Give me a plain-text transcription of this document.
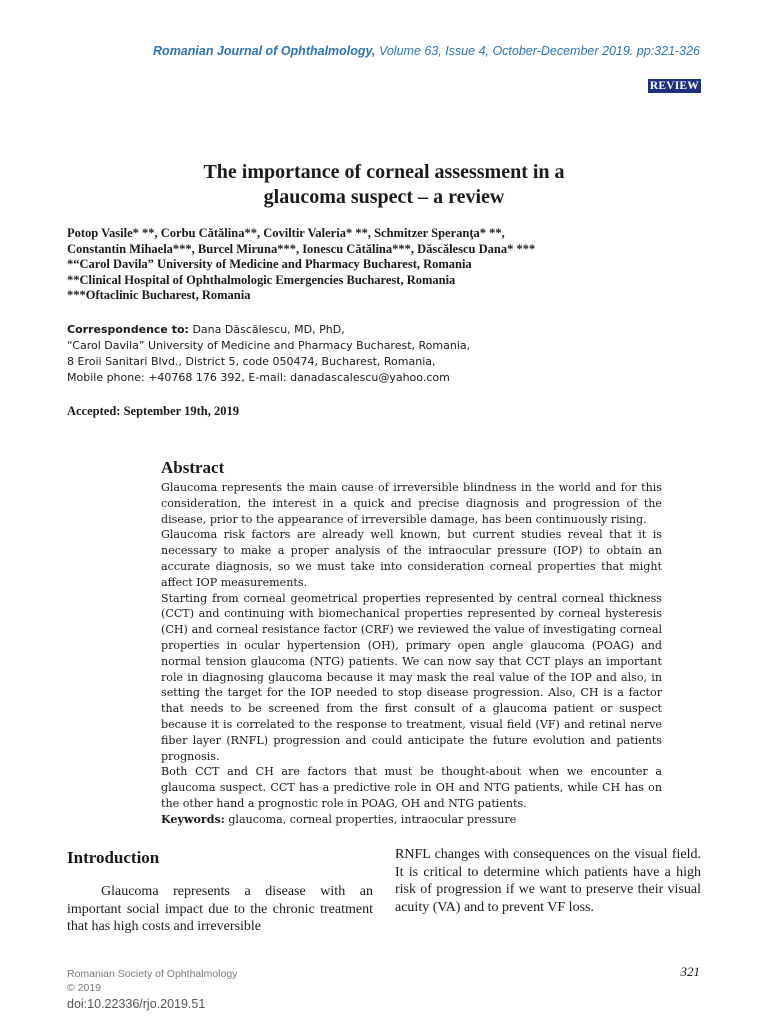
Romanian Journal of Ophthalmology, Volume 63, Issue 4, October-December 2019. pp:321-326
REVIEW
The importance of corneal assessment in a
glaucoma suspect – a review
Potop Vasile* **, Corbu Cătălina**, Coviltir Valeria* **, Schmitzer Speranţa* **,
Constantin Mihaela***, Burcel Miruna***, Ionescu Cătălina***, Dăscălescu Dana* ***
*“Carol Davila” University of Medicine and Pharmacy Bucharest, Romania
**Clinical Hospital of Ophthalmologic Emergencies Bucharest, Romania
***Oftaclinic Bucharest, Romania
Correspondence to: Dana Dăscălescu, MD, PhD,
“Carol Davila” University of Medicine and Pharmacy Bucharest, Romania,
8 Eroii Sanitari Blvd., District 5, code 050474, Bucharest, Romania,
Mobile phone: +40768 176 392, E-mail: danadascalescu@yahoo.com
Accepted: September 19th, 2019
Abstract

Glaucoma represents the main cause of irreversible blindness in the world and for this consideration, the interest in a quick and precise diagnosis and progression of the disease, prior to the appearance of irreversible damage, has been continuously rising.

Glaucoma risk factors are already well known, but current studies reveal that it is necessary to make a proper analysis of the intraocular pressure (IOP) to obtain an accurate diagnosis, so we must take into consideration corneal properties that might affect IOP measurements.

Starting from corneal geometrical properties represented by central corneal thickness (CCT) and continuing with biomechanical properties represented by corneal hysteresis (CH) and corneal resistance factor (CRF) we reviewed the value of investigating corneal properties in ocular hypertension (OH), primary open angle glaucoma (POAG) and normal tension glaucoma (NTG) patients. We can now say that CCT plays an important role in diagnosing glaucoma because it may mask the real value of the IOP and also, in setting the target for the IOP needed to stop disease progression. Also, CH is a factor that needs to be screened from the first consult of a glaucoma patient or suspect because it is correlated to the response to treatment, visual field (VF) and retinal nerve fiber layer (RNFL) progression and could anticipate the future evolution and patients prognosis.

Both CCT and CH are factors that must be thought-about when we encounter a glaucoma suspect. CCT has a predictive role in OH and NTG patients, while CH has on the other hand a prognostic role in POAG, OH and NTG patients.

Keywords: glaucoma, corneal properties, intraocular pressure

Introduction

Glaucoma represents a disease with an important social impact due to the chronic treatment that has high costs and irreversible

RNFL changes with consequences on the visual field. It is critical to determine which patients have a high risk of progression if we want to preserve their visual acuity (VA) and to prevent VF loss.

Romanian Society of Ophthalmology
© 2019
doi:10.22336/rjo.2019.51
321
